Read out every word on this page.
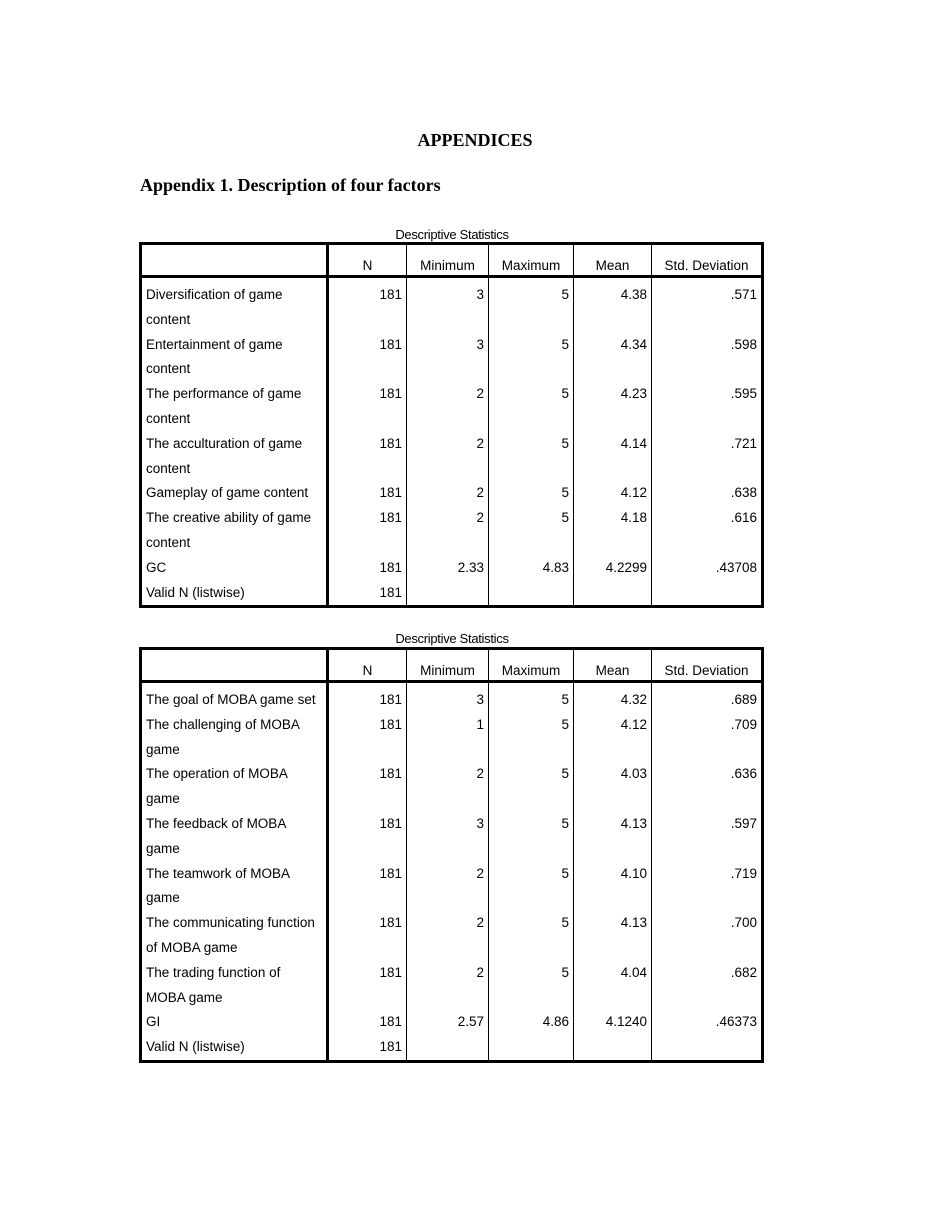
APPENDICES
Appendix 1. Description of four factors
Descriptive Statistics
	N	Minimum	Maximum	Mean	Std. Deviation
Diversification of game content	181	3	5	4.38	.571
Entertainment of game content	181	3	5	4.34	.598
The performance of game content	181	2	5	4.23	.595
The acculturation of game content	181	2	5	4.14	.721
Gameplay of game content	181	2	5	4.12	.638
The creative ability of game content	181	2	5	4.18	.616
GC	181	2.33	4.83	4.2299	.43708
Valid N (listwise)	181				
Descriptive Statistics
	N	Minimum	Maximum	Mean	Std. Deviation
The goal of MOBA game set	181	3	5	4.32	.689
The challenging of MOBA game	181	1	5	4.12	.709
The operation of MOBA game	181	2	5	4.03	.636
The feedback of MOBA game	181	3	5	4.13	.597
The teamwork of MOBA game	181	2	5	4.10	.719
The communicating function of MOBA game	181	2	5	4.13	.700
The trading function of MOBA game	181	2	5	4.04	.682
GI	181	2.57	4.86	4.1240	.46373
Valid N (listwise)	181				
